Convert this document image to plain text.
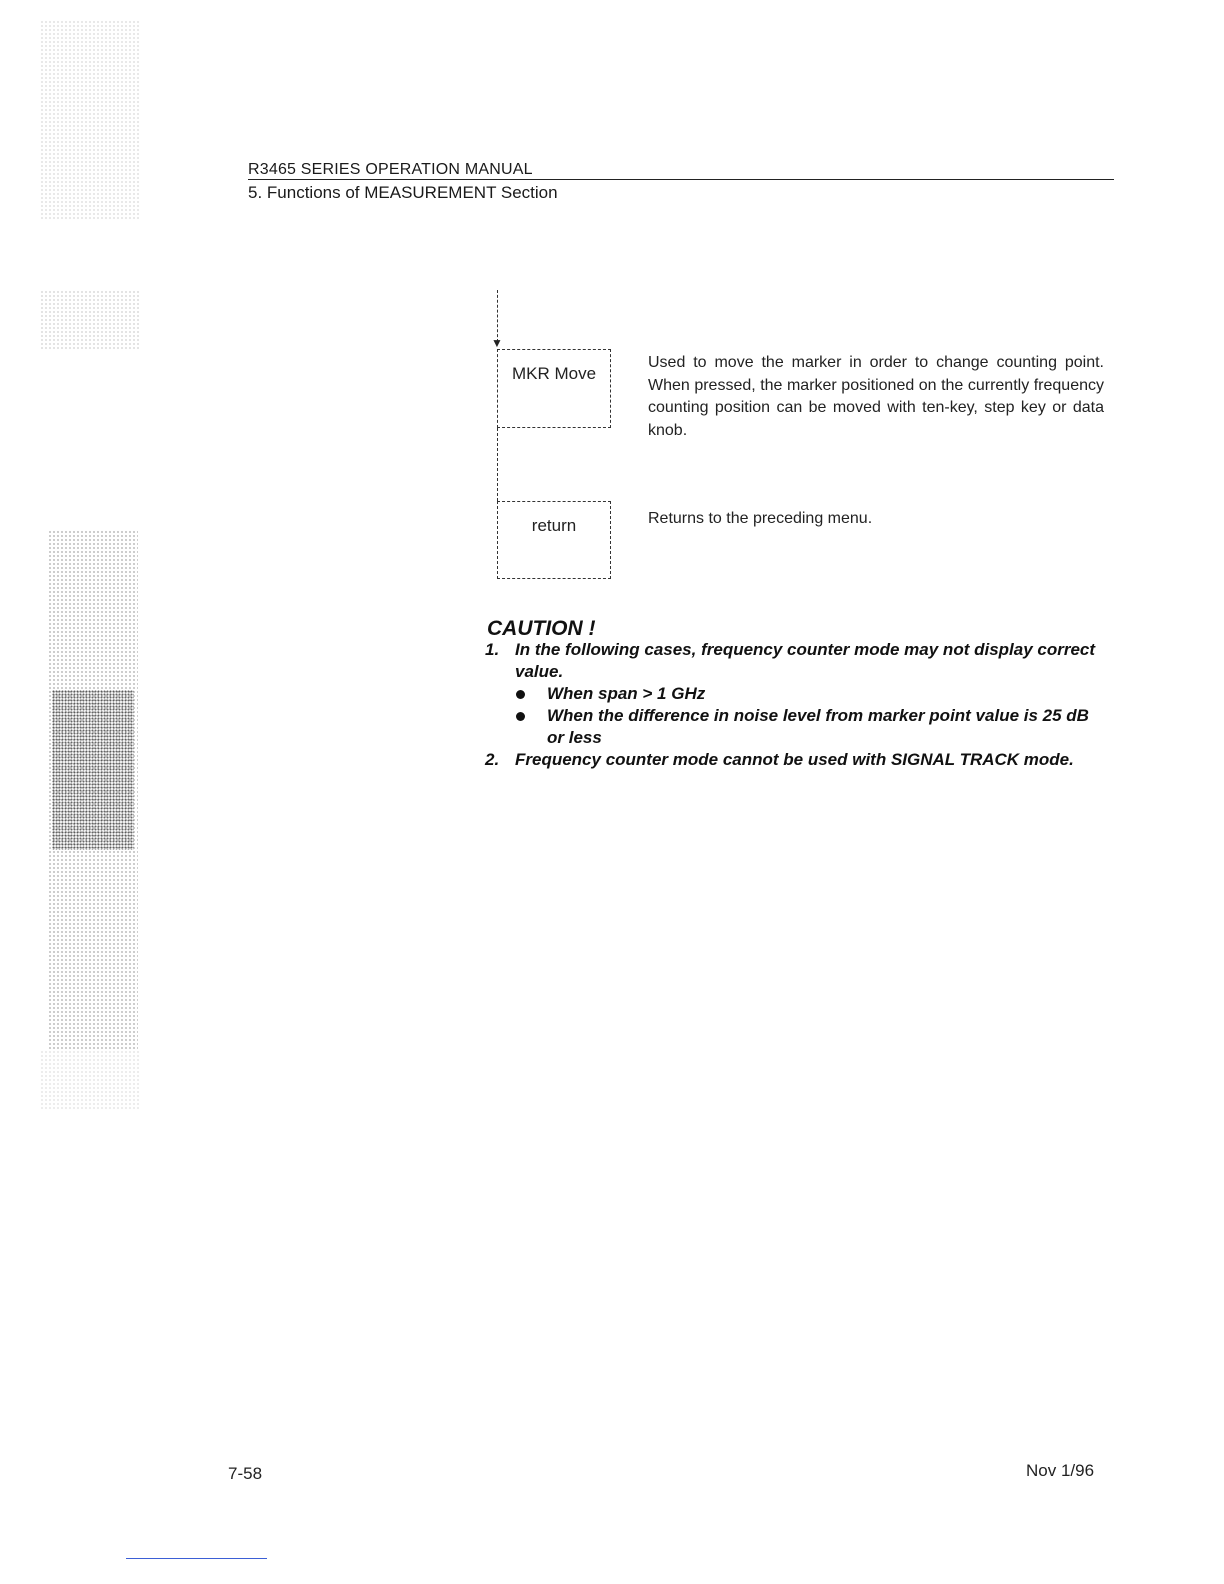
R3465 SERIES OPERATION MANUAL
5. Functions of MEASUREMENT Section
▼
MKR Move
Used to move the marker in order to change counting point. When pressed, the marker positioned on the currently frequency counting position can be moved with ten-key, step key or data knob.
return	Returns to the preceding menu.
CAUTION !
1. In the following cases, frequency counter mode may not display correct value.
When span > 1 GHz
When the difference in noise level from marker point value is 25 dB or less
2. Frequency counter mode cannot be used with SIGNAL TRACK mode.
7-58	Nov 1/96
